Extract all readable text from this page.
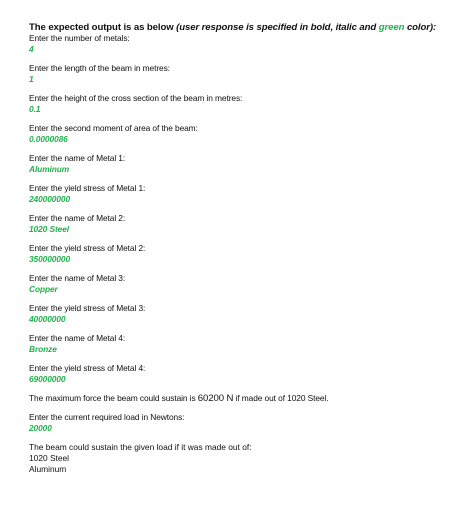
The expected output is as below (user response is specified in bold, italic and green color):
Enter the number of metals:
4
Enter the length of the beam in metres:
1
Enter the height of the cross section of the beam in metres:
0.1
Enter the second moment of area of the beam:
0.0000086
Enter the name of Metal 1:
Aluminum
Enter the yield stress of Metal 1:
240000000
Enter the name of Metal 2:
1020 Steel
Enter the yield stress of Metal 2:
350000000
Enter the name of Metal 3:
Copper
Enter the yield stress of Metal 3:
40000000
Enter the name of Metal 4:
Bronze
Enter the yield stress of Metal 4:
69000000
The maximum force the beam could sustain is 60200 N if made out of 1020 Steel.
Enter the current required load in Newtons:
20000
The beam could sustain the given load if it was made out of:
1020 Steel
Aluminum
